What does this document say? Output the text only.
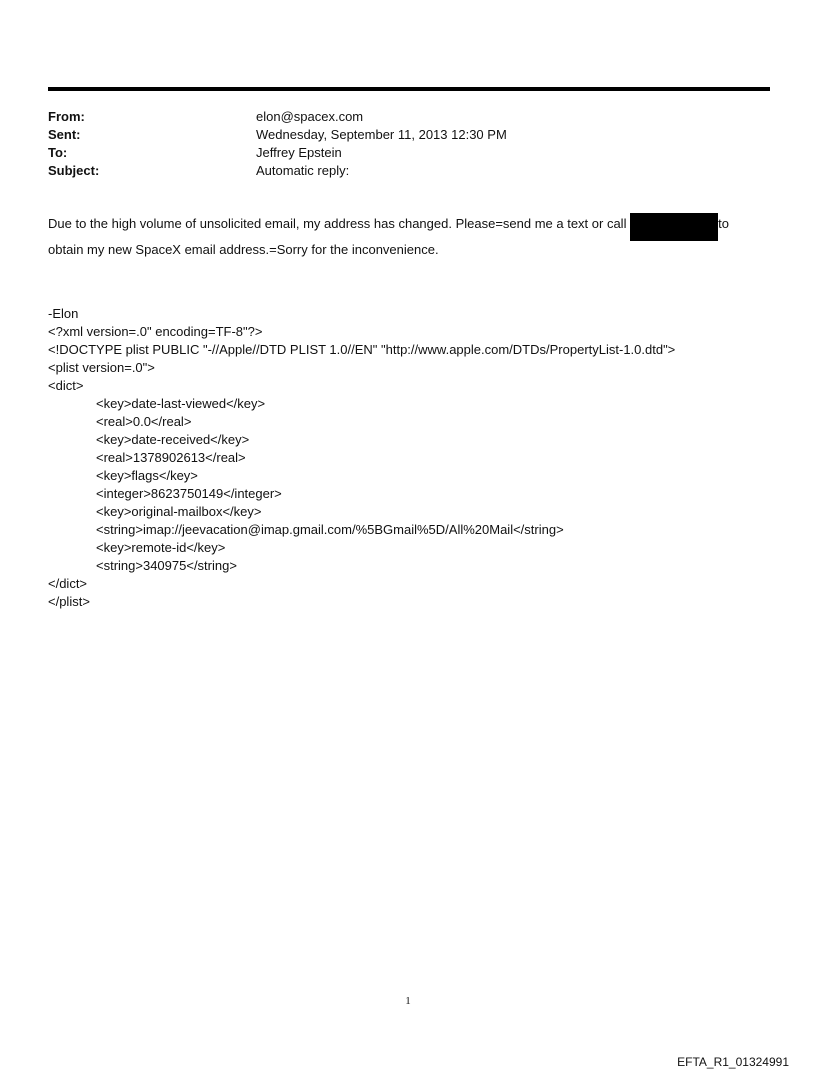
From:	elon@spacex.com
Sent:	Wednesday, September 11, 2013 12:30 PM
To:	Jeffrey Epstein
Subject:	Automatic reply:
Due to the high volume of unsolicited email, my address has changed. Please=send me a text or call	to
obtain my new SpaceX email address.=Sorry for the inconvenience.
-Elon
<?xml version=.0" encoding=TF-8"?>
<!DOCTYPE plist PUBLIC "-//Apple//DTD PLIST 1.0//EN" "http://www.apple.com/DTDs/PropertyList-1.0.dtd">
<plist version=.0">
<dict>
<key>date-last-viewed</key>
<real>0.0</real>
<key>date-received</key>
<real>1378902613</real>
<key>flags</key>
<integer>8623750149</integer>
<key>original-mailbox</key>
<string>imap://jeevacation@imap.gmail.com/%5BGmail%5D/All%20Mail</string>
<key>remote-id</key>
<string>340975</string>
</dict>
</plist>
1
EFTA_R1_01324991
